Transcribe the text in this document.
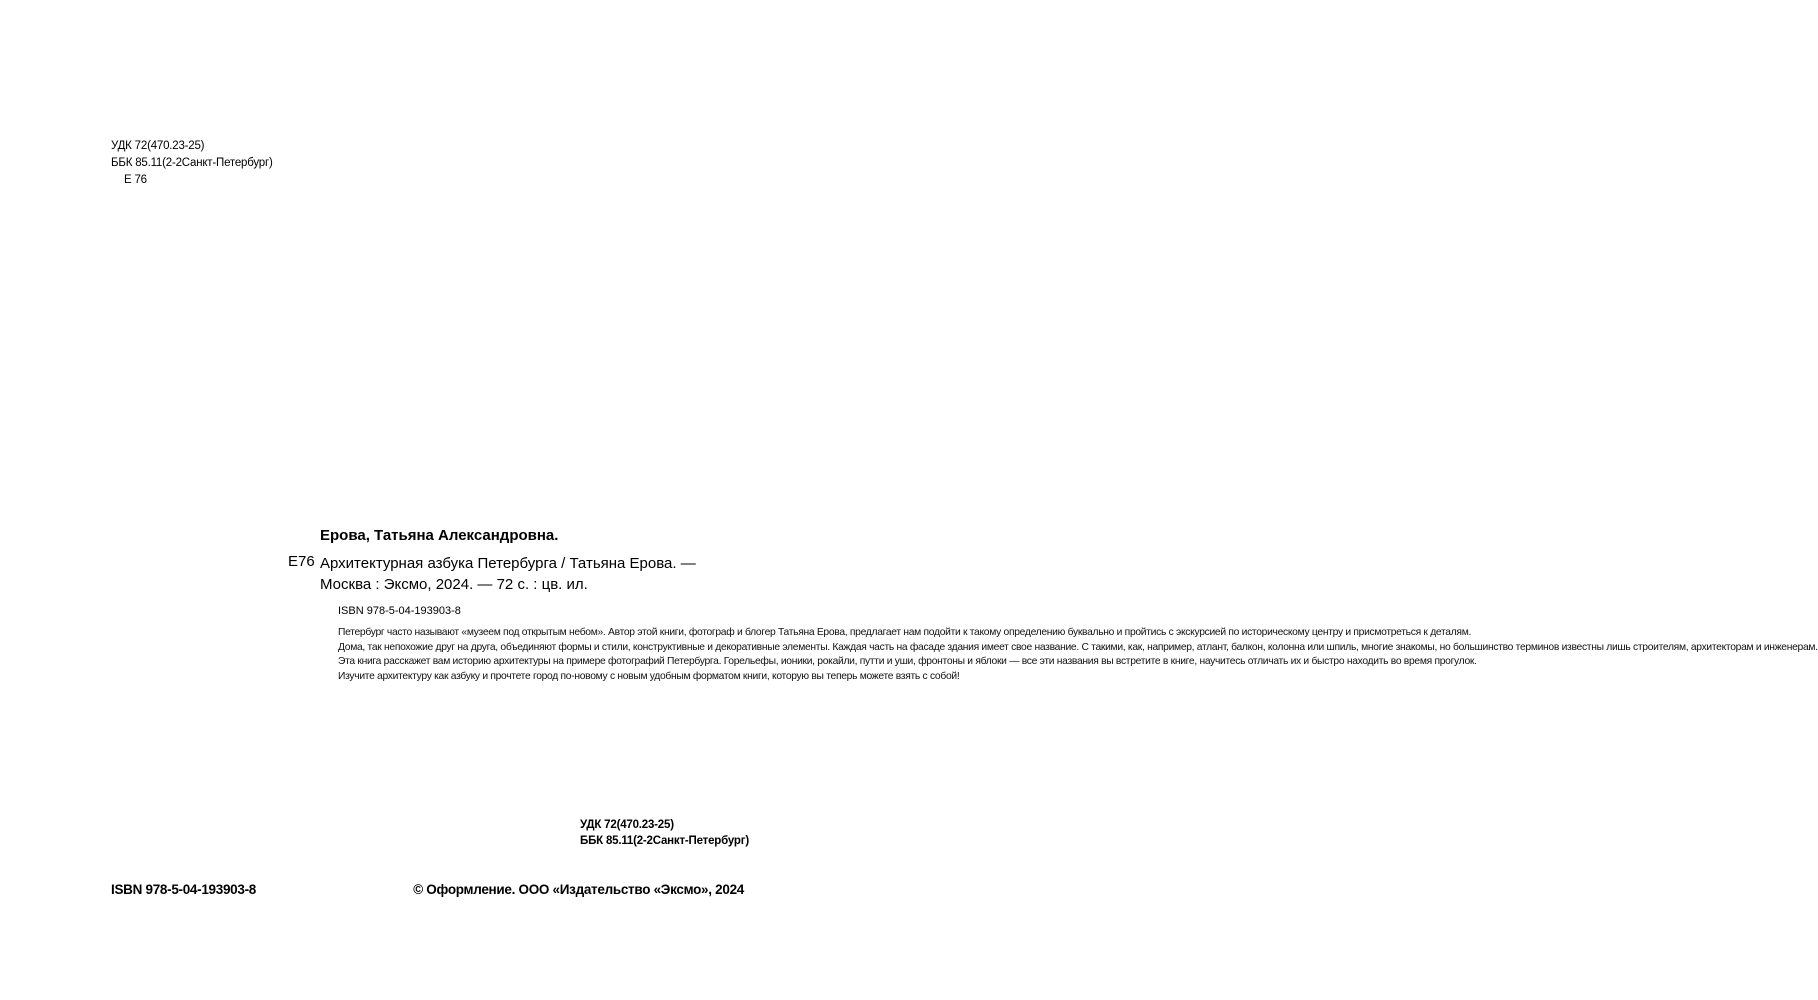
УДК 72(470.23-25)
ББК 85.11(2-2Санкт-Петербург)
Е 76
Ерова, Татьяна Александровна.
Е76 Архитектурная азбука Петербурга / Татьяна Ерова. — Москва : Эксмо, 2024. — 72 с. : цв. ил.
ISBN 978-5-04-193903-8

Петербург часто называют «музеем под открытым небом». Автор этой книги, фотограф и блогер Татьяна Ерова, предлагает нам подойти к такому определению буквально и пройтись с экскурсией по историческому центру и присмотреться к деталям.

Дома, так непохожие друг на друга, объединяют формы и стили, конструктивные и декоративные элементы. Каждая часть на фасаде здания имеет свое название. С такими, как, например, атлант, балкон, колонна или шпиль, многие знакомы, но большинство терминов известны лишь строителям, архитекторам и инженерам.

Эта книга расскажет вам историю архитектуры на примере фотографий Петербурга. Горельефы, ионики, рокайли, путти и уши, фронтоны и яблоки — все эти названия вы встретите в книге, научитесь отличать их и быстро находить во время прогулок.

Изучите архитектуру как азбуку и прочтете город по-новому с новым удобным форматом книги, которую вы теперь можете взять с собой!

УДК 72(470.23-25)
ББК 85.11(2-2Санкт-Петербург)
ISBN 978-5-04-193903-8	© Оформление. ООО «Издательство «Эксмо», 2024
